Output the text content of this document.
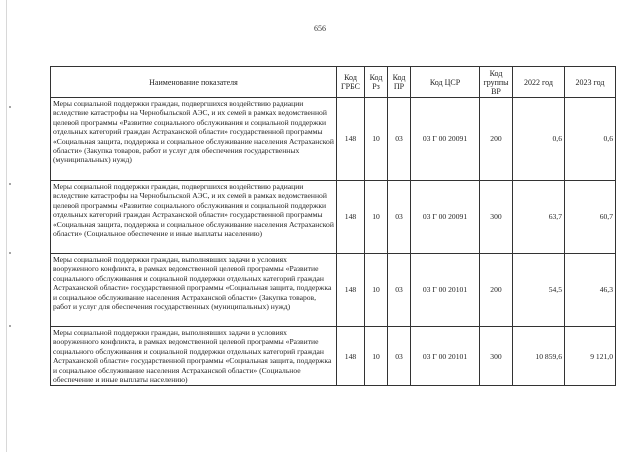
656
Наименование показателя	Код ГРБС	Код Рз	Код ПР	Код ЦСР	Код группы ВР	2022 год	2023 год
Меры социальной поддержки граждан, подвергшихся воздействию радиации вследствие катастрофы на Чернобыльской АЭС, и их семей в рамках ведомственной целевой программы «Развитие социального обслуживания и социальной поддержки отдельных категорий граждан Астраханской области» государственной программы «Социальная защита, поддержка и социальное обслуживание населения Астраханской области» (Закупка товаров, работ и услуг для обеспечения государственных (муниципальных) нужд)	148	10	03	03 Г 00 20091	200	0,6	0,6
Меры социальной поддержки граждан, подвергшихся воздействию радиации вследствие катастрофы на Чернобыльской АЭС, и их семей в рамках ведомственной целевой программы «Развитие социального обслуживания и социальной поддержки отдельных категорий граждан Астраханской области» государственной программы «Социальная защита, поддержка и социальное обслуживание населения Астраханской области» (Социальное обеспечение и иные выплаты населению)	148	10	03	03 Г 00 20091	300	63,7	60,7
Меры социальной поддержки граждан, выполнявших задачи в условиях вооруженного конфликта, в рамках ведомственной целевой программы «Развитие социального обслуживания и социальной поддержки отдельных категорий граждан Астраханской области» государственной программы «Социальная защита, поддержка и социальное обслуживание населения Астраханской области» (Закупка товаров, работ и услуг для обеспечения государственных (муниципальных) нужд)	148	10	03	03 Г 00 20101	200	54,5	46,3
Меры социальной поддержки граждан, выполнявших задачи в условиях вооруженного конфликта, в рамках ведомственной целевой программы «Развитие социального обслуживания и социальной поддержки отдельных категорий граждан Астраханской области» государственной программы «Социальная защита, поддержка и социальное обслуживание населения Астраханской области» (Социальное обеспечение и иные выплаты населению)	148	10	03	03 Г 00 20101	300	10 859,6	9 121,0
